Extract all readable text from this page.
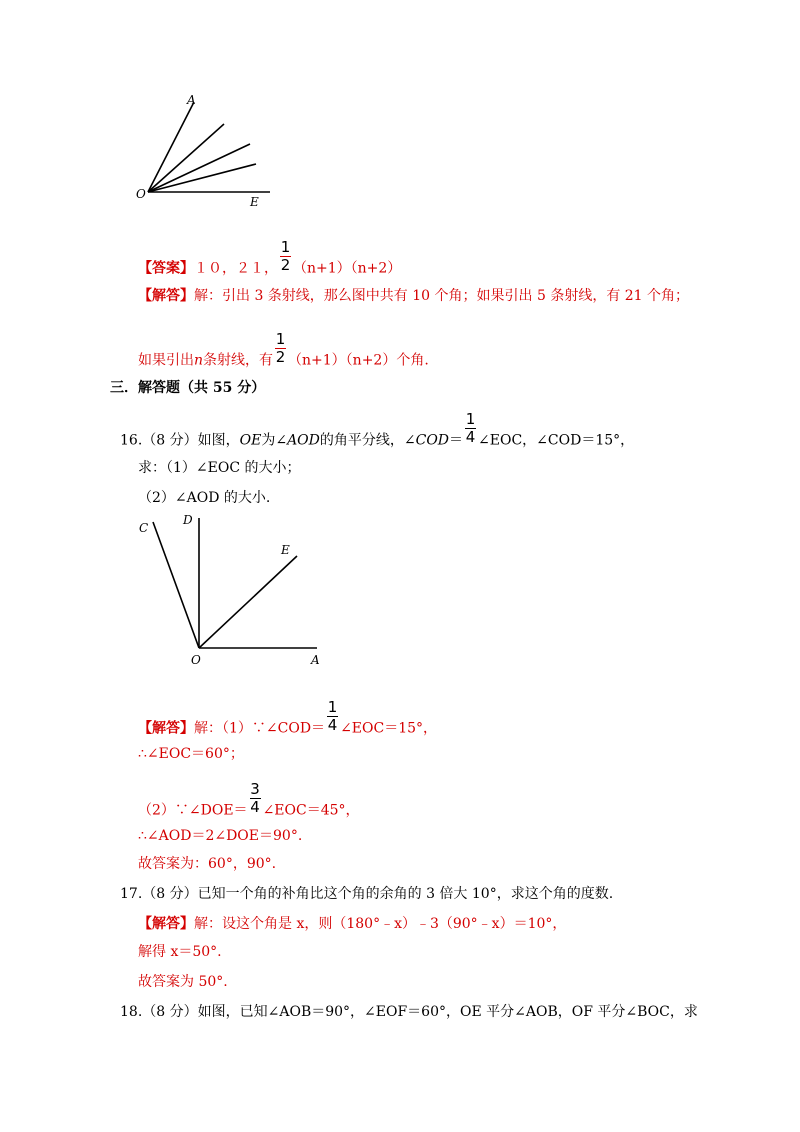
A
O
E
【答案】１０，２１， $\frac{1}{2} (n+1)(n+2)$
【解答】解：引出 3 条射线，那么图中共有 10 个角；如果引出 5 条射线，有 21 个角；
如果引出n条射线，有 $\frac{1}{2} (n+1)(n+2)$个角.
三．解答题（共 55 分）
16.（8 分）如图，OE为∠AOD的角平分线，∠COD＝ $\frac{1}{4}$ ∠EOC，∠COD＝15°，
求：（1）∠EOC 的大小；
（2）∠AOD 的大小.
C
D
E
O	A
【解答】解：（1）∵∠COD＝ $\frac{1}{4}$ ∠EOC＝15°，
∴∠EOC＝60°；
（2）∵∠DOE＝ $\frac{3}{4}$ ∠EOC＝45°，
∴∠AOD＝2∠DOE＝90°.
故答案为：60°，90°.
17.（8 分）已知一个角的补角比这个角的余角的 3 倍大 10°，求这个角的度数.
【解答】解：设这个角是 x，则（180°﹣x）﹣3（90°﹣x）＝10°，
解得 x＝50°.
故答案为 50°.
18.（8 分）如图，已知∠AOB＝90°，∠EOF＝60°，OE 平分∠AOB，OF 平分∠BOC，求
